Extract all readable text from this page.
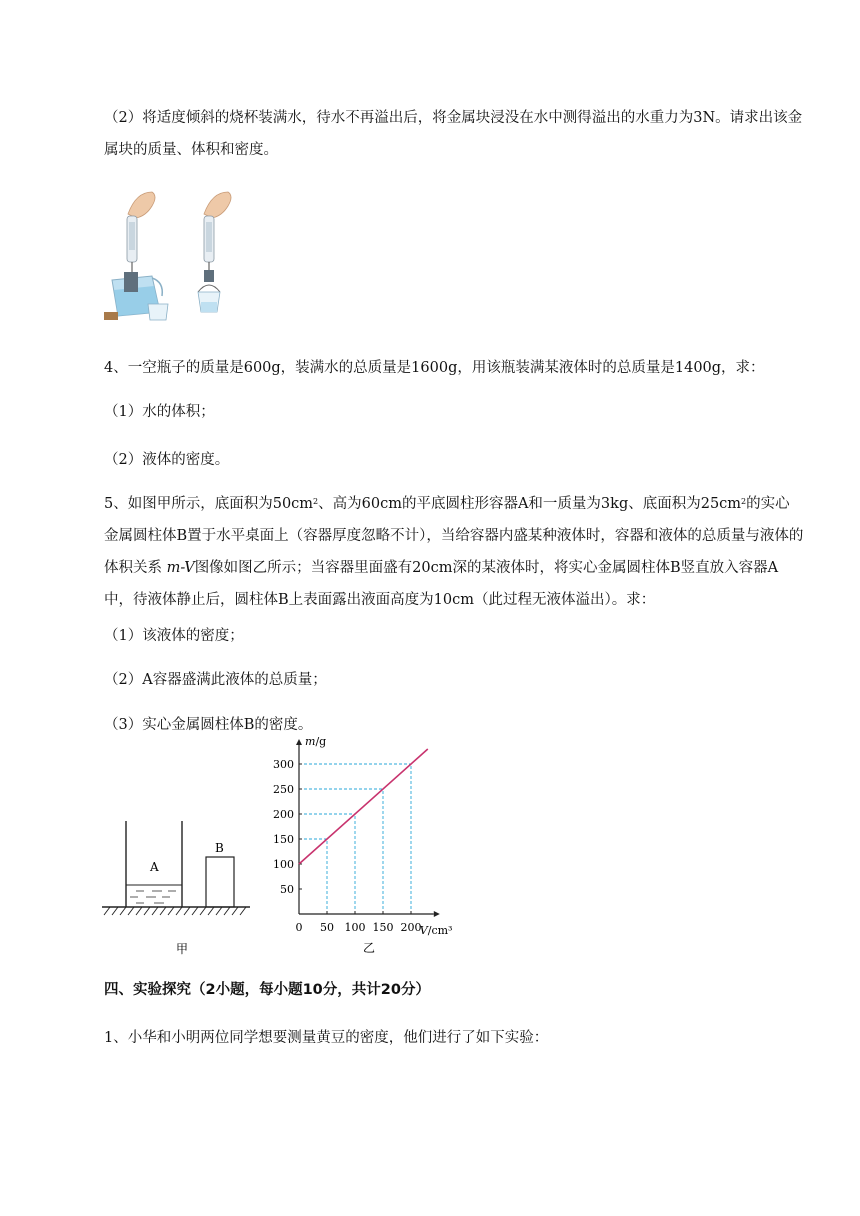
（2）将适度倾斜的烧杯装满水，待水不再溢出后，将金属块浸没在水中测得溢出的水重力为3N。请求出该金属块的质量、体积和密度。
4、一空瓶子的质量是600g，装满水的总质量是1600g，用该瓶装满某液体时的总质量是1400g，求：
（1）水的体积；
（2）液体的密度。
5、如图甲所示，底面积为$50cm^2$、高为60cm的平底圆柱形容器A和一质量为3kg、底面积为$25cm^2$的实心金属圆柱体B置于水平桌面上（容器厚度忽略不计），当给容器内盛某种液体时，容器和液体的总质量与液体的体积关系 m-V图像如图乙所示；当容器里面盛有20cm深的某液体时，将实心金属圆柱体B竖直放入容器A中，待液体静止后，圆柱体B上表面露出液面高度为10cm（此过程无液体溢出）。求：
（1）该液体的密度；
（2）A容器盛满此液体的总质量；
（3）实心金属圆柱体B的密度。
A
B
甲
0 50 100 150 200
50
100
150
200
250
300
V/cm³
m/g
乙
四、实验探究（2小题，每小题10分，共计20分）
1、小华和小明两位同学想要测量黄豆的密度，他们进行了如下实验：
